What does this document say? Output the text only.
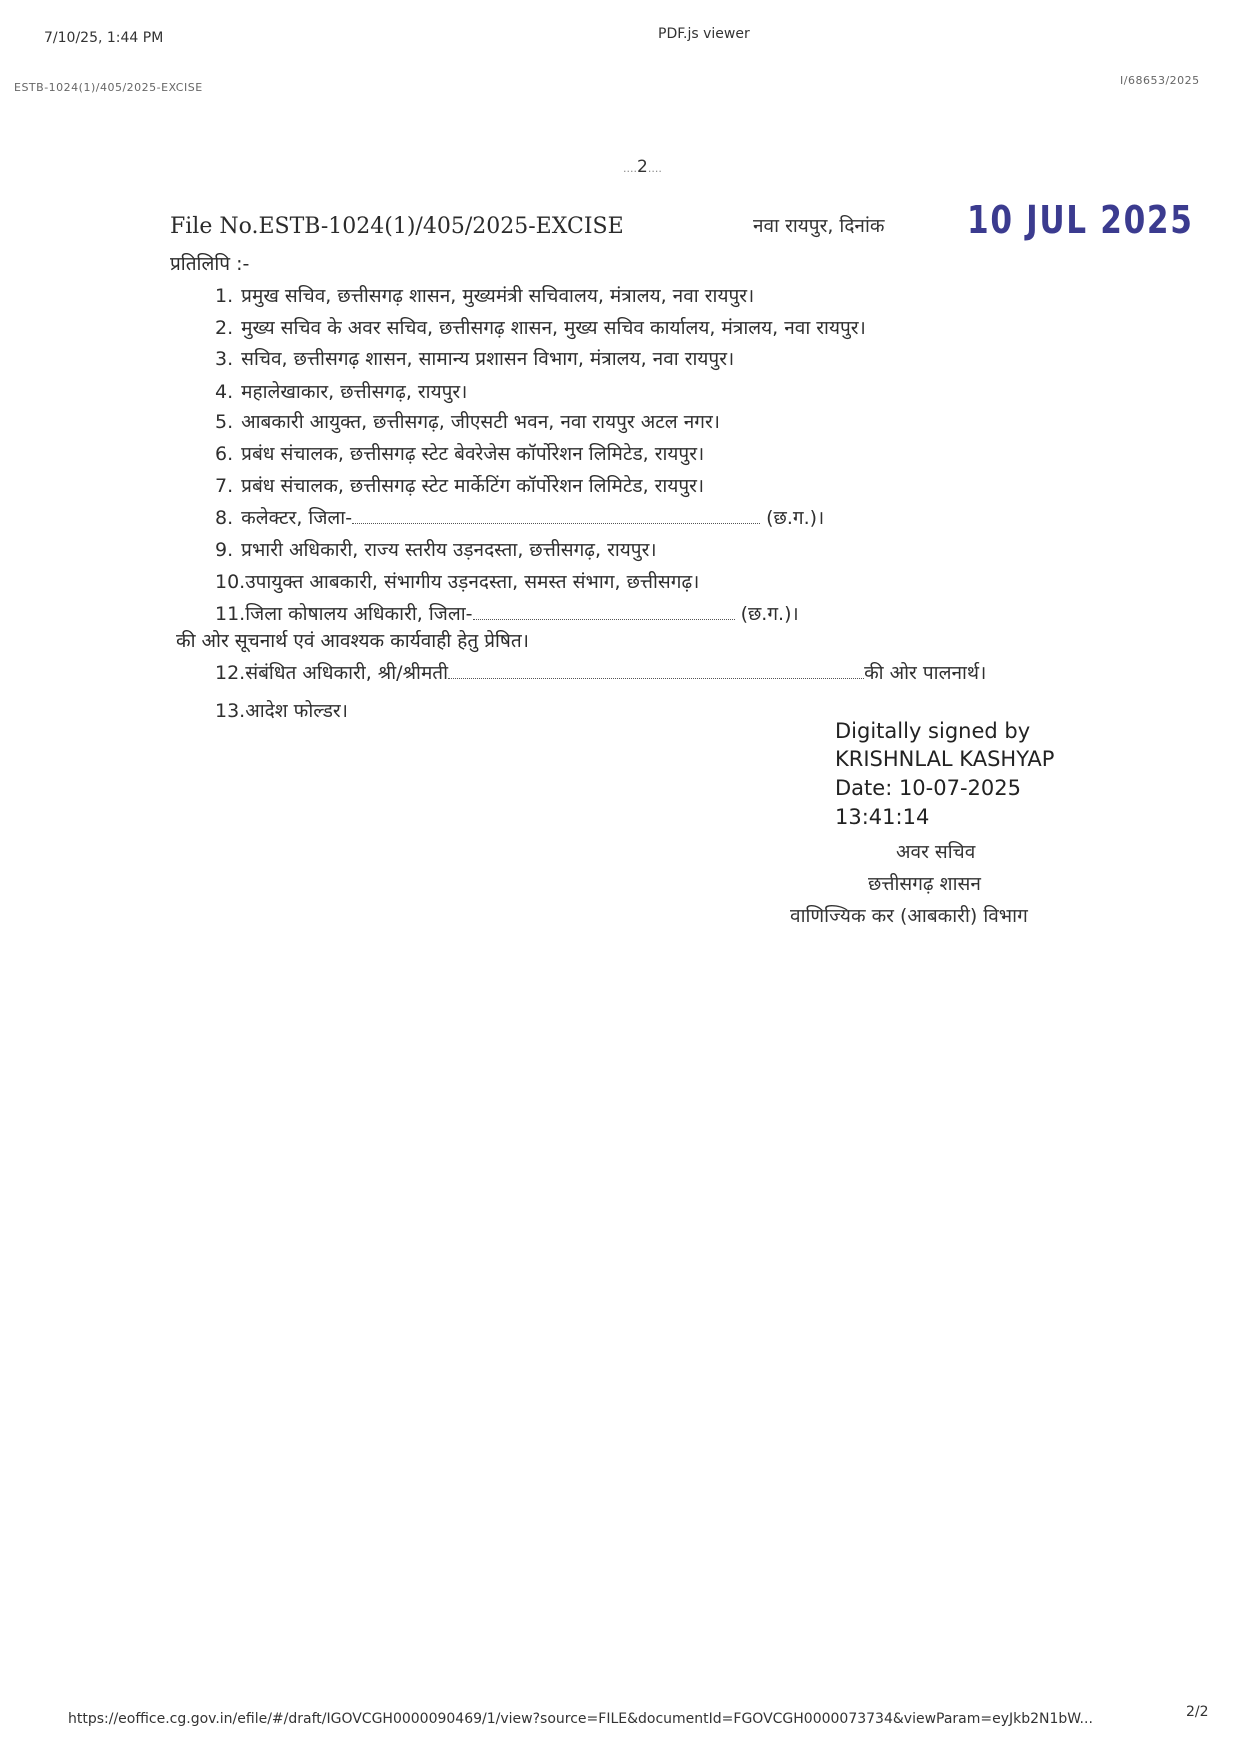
7/10/25, 1:44 PM	PDF.js viewer
ESTB-1024(1)/405/2025-EXCISE
I/68653/2025
....2....
File No.ESTB-1024(1)/405/2025-EXCISE	नवा रायपुर, दिनांक 10 JUL 2025
प्रतिलिपि :-
1. प्रमुख सचिव, छत्तीसगढ़ शासन, मुख्यमंत्री सचिवालय, मंत्रालय, नवा रायपुर।
2. मुख्य सचिव के अवर सचिव, छत्तीसगढ़ शासन, मुख्य सचिव कार्यालय, मंत्रालय, नवा रायपुर।
3. सचिव, छत्तीसगढ़ शासन, सामान्य प्रशासन विभाग, मंत्रालय, नवा रायपुर।
4. महालेखाकार, छत्तीसगढ़, रायपुर।
5. आबकारी आयुक्त, छत्तीसगढ़, जीएसटी भवन, नवा रायपुर अटल नगर।
6. प्रबंध संचालक, छत्तीसगढ़ स्टेट बेवरेजेस कॉर्पोरेशन लिमिटेड, रायपुर।
7. प्रबंध संचालक, छत्तीसगढ़ स्टेट मार्केटिंग कॉर्पोरेशन लिमिटेड, रायपुर।
8. कलेक्टर, जिला-	(छ.ग.)।
9. प्रभारी अधिकारी, राज्य स्तरीय उड़नदस्ता, छत्तीसगढ़, रायपुर।
10.उपायुक्त आबकारी, संभागीय उड़नदस्ता, समस्त संभाग, छत्तीसगढ़।
11.जिला कोषालय अधिकारी, जिला-	(छ.ग.)।
की ओर सूचनार्थ एवं आवश्यक कार्यवाही हेतु प्रेषित।
12.संबंधित अधिकारी, श्री/श्रीमती	की ओर पालनार्थ।
13.आदेश फोल्डर।
Digitally signed by
KRISHNLAL KASHYAP
Date: 10-07-2025
13:41:14
अवर सचिव
छत्तीसगढ़ शासन
वाणिज्यिक कर (आबकारी) विभाग
https://eoffice.cg.gov.in/efile/#/draft/IGOVCGH0000090469/1/view?source=FILE&documentId=FGOVCGH0000073734&viewParam=eyJkb2N1bW...	2/2
